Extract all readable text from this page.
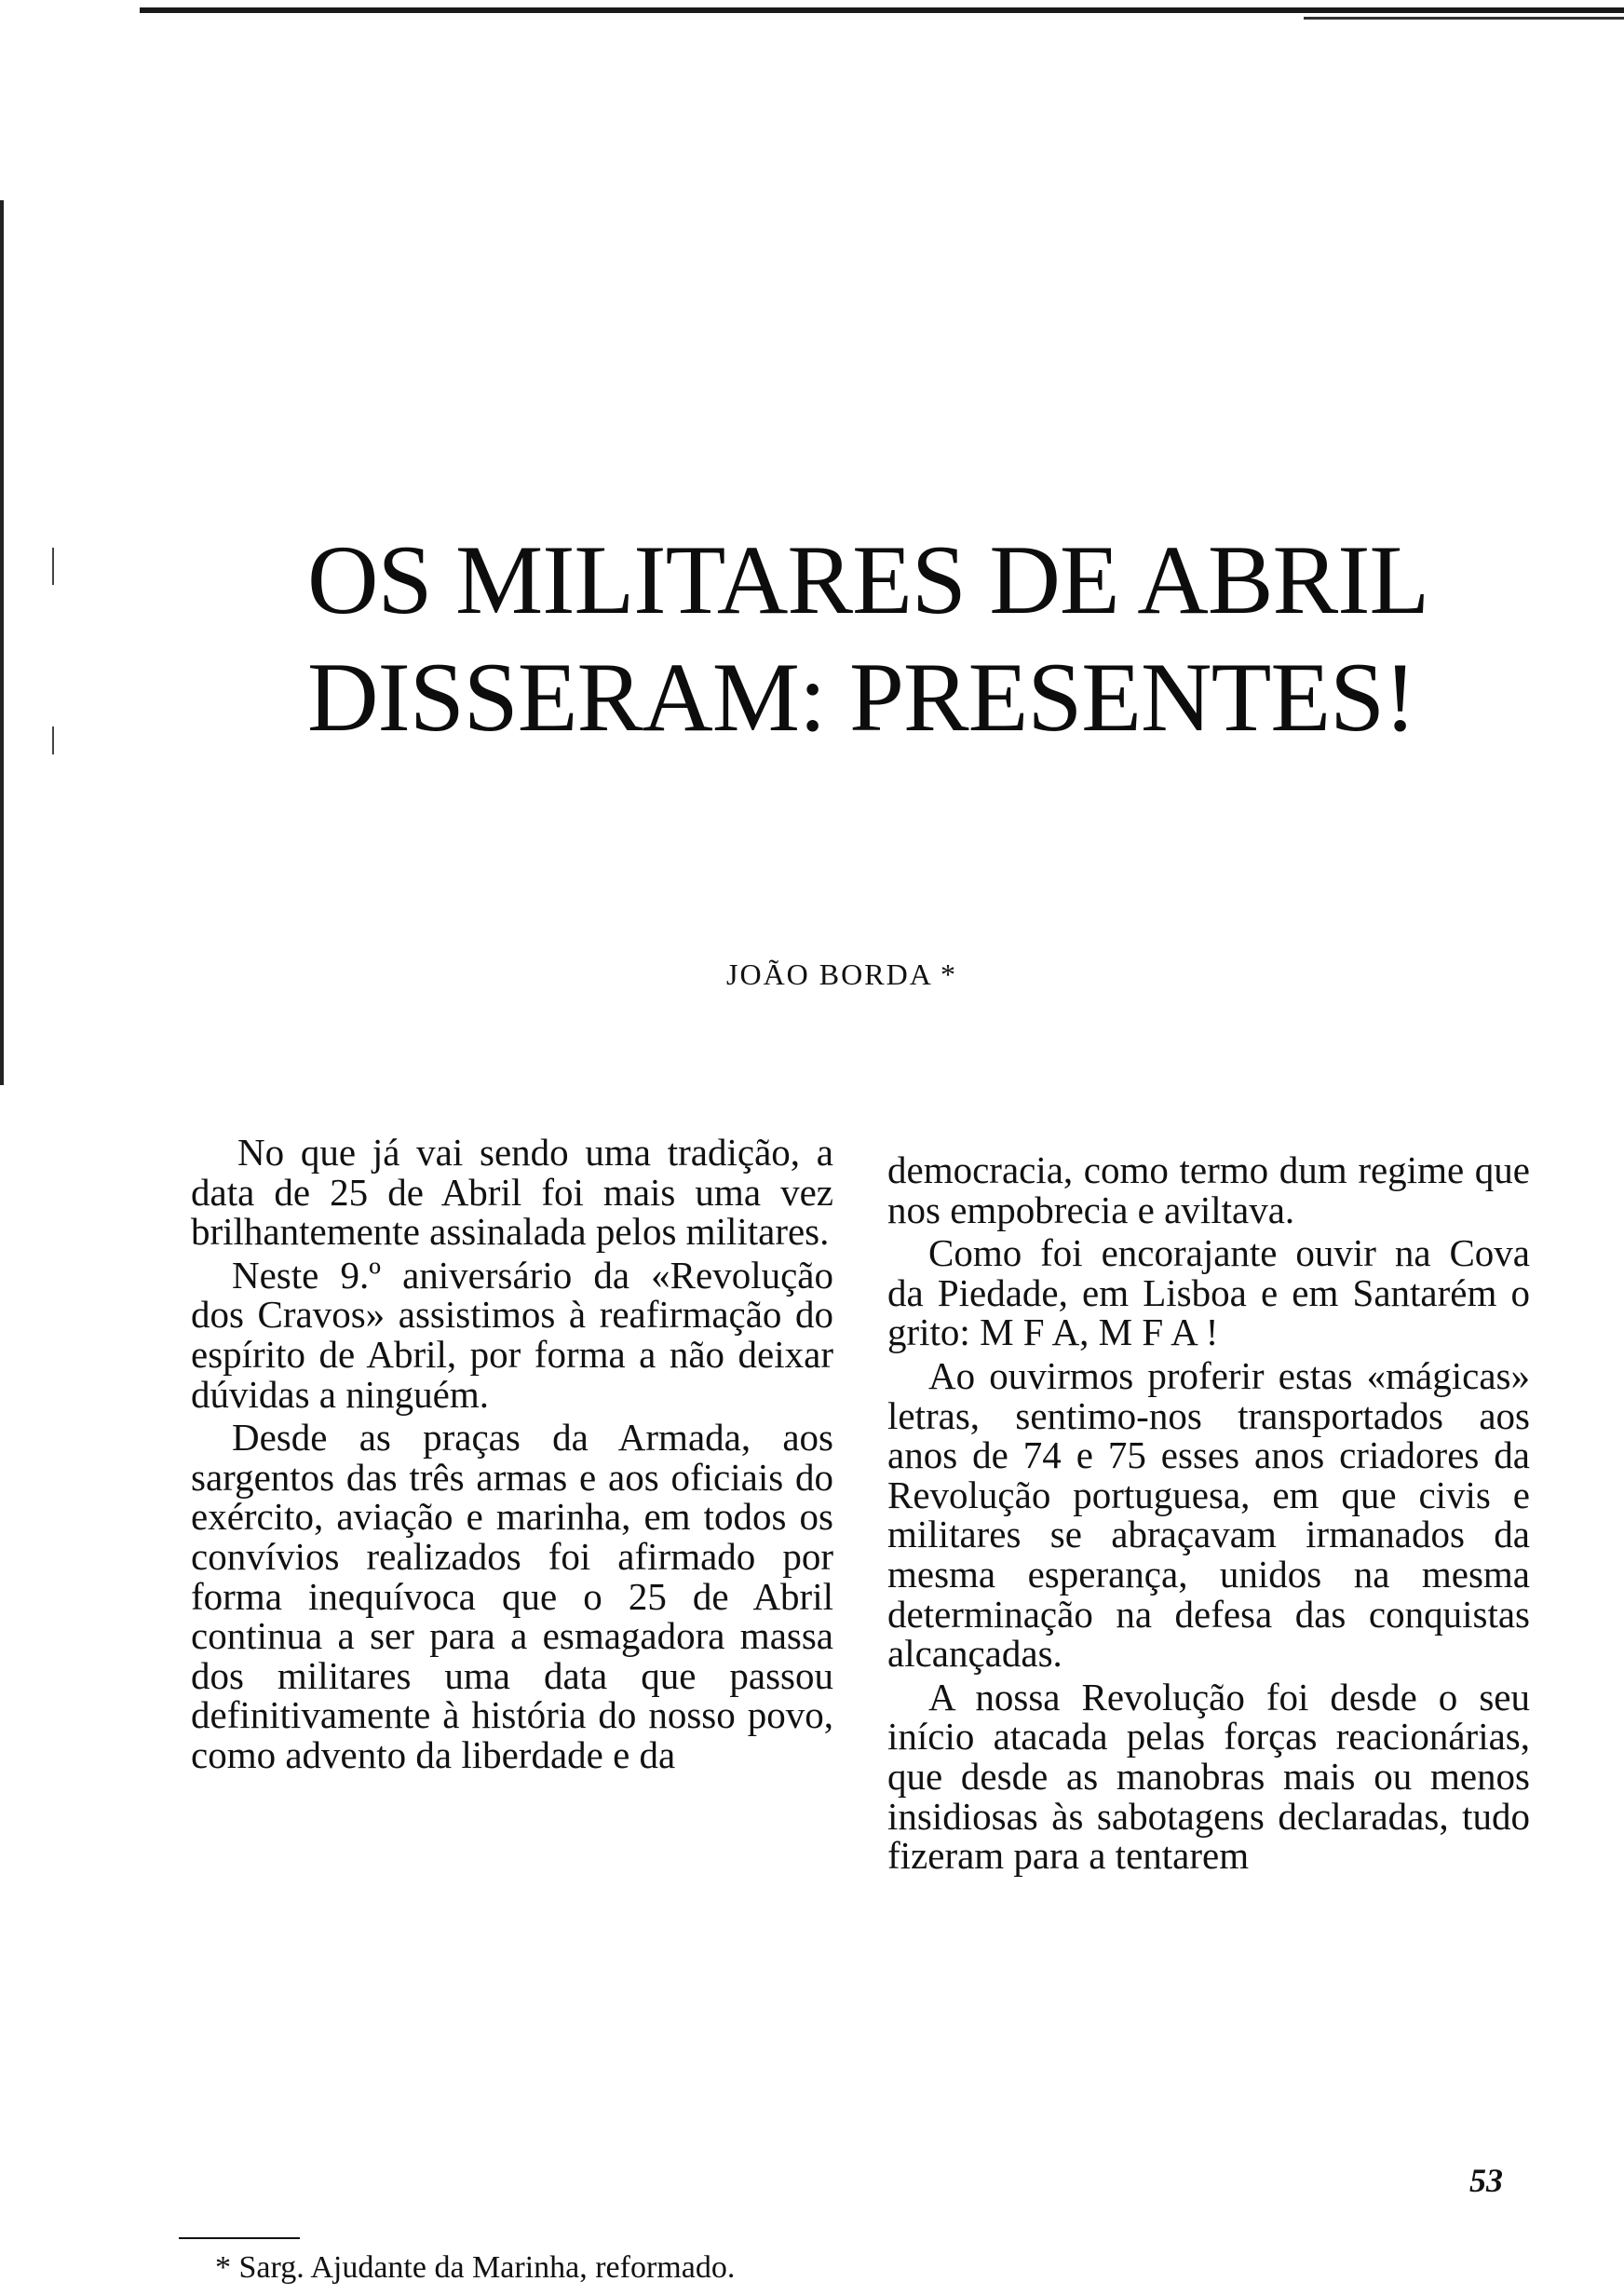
OS MILITARES DE ABRIL
DISSERAM: PRESENTES!
JOÃO BORDA *

No que já vai sendo uma tradição, a data de 25 de Abril foi mais uma vez brilhantemente assinalada pelos militares.

Neste 9.º aniversário da «Revolução dos Cravos» assistimos à reafirmação do espírito de Abril, por forma a não deixar dúvidas a ninguém.

Desde as praças da Armada, aos sargentos das três armas e aos oficiais do exército, aviação e marinha, em todos os convívios realizados foi afirmado por forma inequívoca que o 25 de Abril continua a ser para a esmagadora massa dos militares uma data que passou definitivamente à história do nosso povo, como advento da liberdade e da

democracia, como termo dum regime que nos empobrecia e aviltava.

Como foi encorajante ouvir na Cova da Piedade, em Lisboa e em Santarém o grito: M F A, M F A !

Ao ouvirmos proferir estas «mágicas» letras, sentimo-nos transportados aos anos de 74 e 75 esses anos criadores da Revolução portuguesa, em que civis e militares se abraçavam irmanados da mesma esperança, unidos na mesma determinação na defesa das conquistas alcançadas.

A nossa Revolução foi desde o seu início atacada pelas forças reacionárias, que desde as manobras mais ou menos insidiosas às sabotagens declaradas, tudo fizeram para a tentarem

* Sarg. Ajudante da Marinha, reformado.
53
